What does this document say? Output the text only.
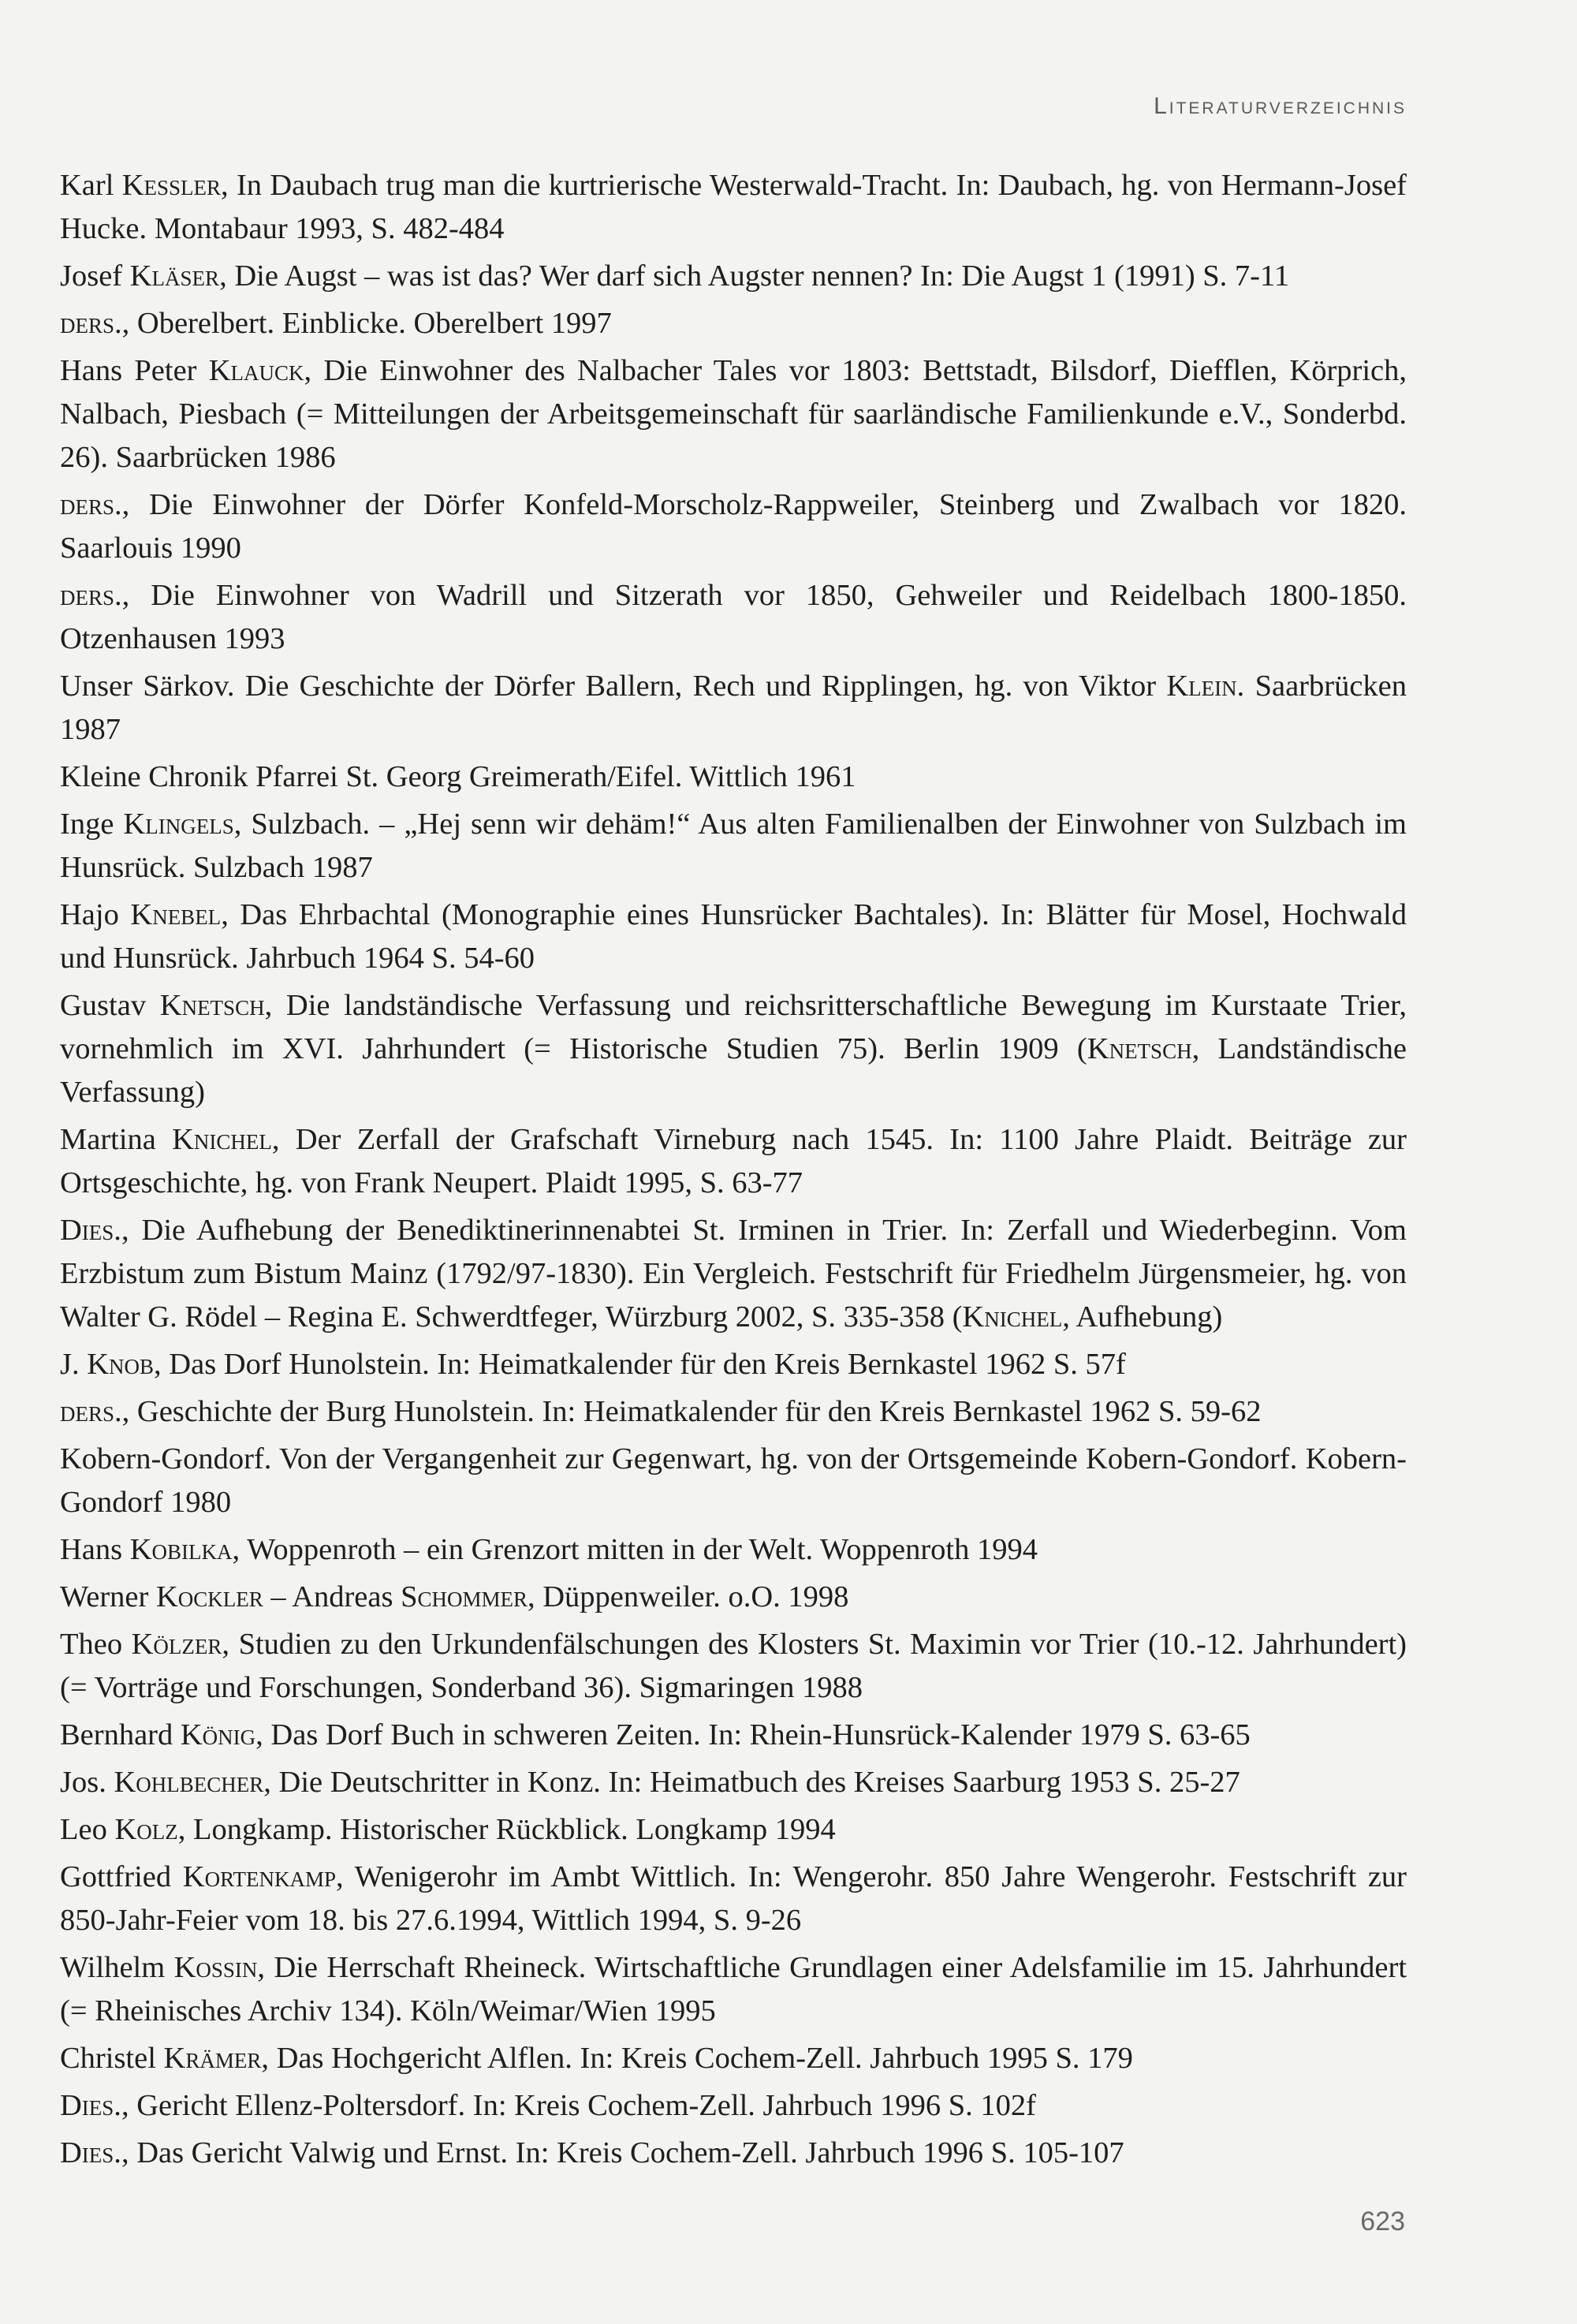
Literaturverzeichnis
Karl Kessler, In Daubach trug man die kurtrierische Westerwald-Tracht. In: Daubach, hg. von Hermann-Josef Hucke. Montabaur 1993, S. 482-484
Josef Kläser, Die Augst – was ist das? Wer darf sich Augster nennen? In: Die Augst 1 (1991) S. 7-11
ders., Oberelbert. Einblicke. Oberelbert 1997
Hans Peter Klauck, Die Einwohner des Nalbacher Tales vor 1803: Bettstadt, Bilsdorf, Diefflen, Körprich, Nalbach, Piesbach (= Mitteilungen der Arbeitsgemeinschaft für saarländische Familienkunde e.V., Sonderbd. 26). Saarbrücken 1986
ders., Die Einwohner der Dörfer Konfeld-Morscholz-Rappweiler, Steinberg und Zwalbach vor 1820. Saarlouis 1990
ders., Die Einwohner von Wadrill und Sitzerath vor 1850, Gehweiler und Reidelbach 1800-1850. Otzenhausen 1993
Unser Särkov. Die Geschichte der Dörfer Ballern, Rech und Ripplingen, hg. von Viktor Klein. Saarbrücken 1987
Kleine Chronik Pfarrei St. Georg Greimerath/Eifel. Wittlich 1961
Inge Klingels, Sulzbach. – „Hej senn wir dehäm!“ Aus alten Familienalben der Einwohner von Sulzbach im Hunsrück. Sulzbach 1987
Hajo Knebel, Das Ehrbachtal (Monographie eines Hunsrücker Bachtales). In: Blätter für Mosel, Hochwald und Hunsrück. Jahrbuch 1964 S. 54-60
Gustav Knetsch, Die landständische Verfassung und reichsritterschaftliche Bewegung im Kurstaate Trier, vornehmlich im XVI. Jahrhundert (= Historische Studien 75). Berlin 1909 (Knetsch, Landständische Verfassung)
Martina Knichel, Der Zerfall der Grafschaft Virneburg nach 1545. In: 1100 Jahre Plaidt. Beiträge zur Ortsgeschichte, hg. von Frank Neupert. Plaidt 1995, S. 63-77
Dies., Die Aufhebung der Benediktinerinnenabtei St. Irminen in Trier. In: Zerfall und Wiederbeginn. Vom Erzbistum zum Bistum Mainz (1792/97-1830). Ein Vergleich. Festschrift für Friedhelm Jürgensmeier, hg. von Walter G. Rödel – Regina E. Schwerdtfeger, Würzburg 2002, S. 335-358 (Knichel, Aufhebung)
J. Knob, Das Dorf Hunolstein. In: Heimatkalender für den Kreis Bernkastel 1962 S. 57f
ders., Geschichte der Burg Hunolstein. In: Heimatkalender für den Kreis Bernkastel 1962 S. 59-62
Kobern-Gondorf. Von der Vergangenheit zur Gegenwart, hg. von der Ortsgemeinde Kobern-Gondorf. Kobern-Gondorf 1980
Hans Kobilka, Woppenroth – ein Grenzort mitten in der Welt. Woppenroth 1994
Werner Kockler – Andreas Schommer, Düppenweiler. o.O. 1998
Theo Kölzer, Studien zu den Urkundenfälschungen des Klosters St. Maximin vor Trier (10.-12. Jahrhundert) (= Vorträge und Forschungen, Sonderband 36). Sigmaringen 1988
Bernhard König, Das Dorf Buch in schweren Zeiten. In: Rhein-Hunsrück-Kalender 1979 S. 63-65
Jos. Kohlbecher, Die Deutschritter in Konz. In: Heimatbuch des Kreises Saarburg 1953 S. 25-27
Leo Kolz, Longkamp. Historischer Rückblick. Longkamp 1994
Gottfried Kortenkamp, Wenigerohr im Ambt Wittlich. In: Wengerohr. 850 Jahre Wengerohr. Festschrift zur 850-Jahr-Feier vom 18. bis 27.6.1994, Wittlich 1994, S. 9-26
Wilhelm Kossin, Die Herrschaft Rheineck. Wirtschaftliche Grundlagen einer Adelsfamilie im 15. Jahrhundert (= Rheinisches Archiv 134). Köln/Weimar/Wien 1995
Christel Krämer, Das Hochgericht Alflen. In: Kreis Cochem-Zell. Jahrbuch 1995 S. 179
Dies., Gericht Ellenz-Poltersdorf. In: Kreis Cochem-Zell. Jahrbuch 1996 S. 102f
Dies., Das Gericht Valwig und Ernst. In: Kreis Cochem-Zell. Jahrbuch 1996 S. 105-107
623
